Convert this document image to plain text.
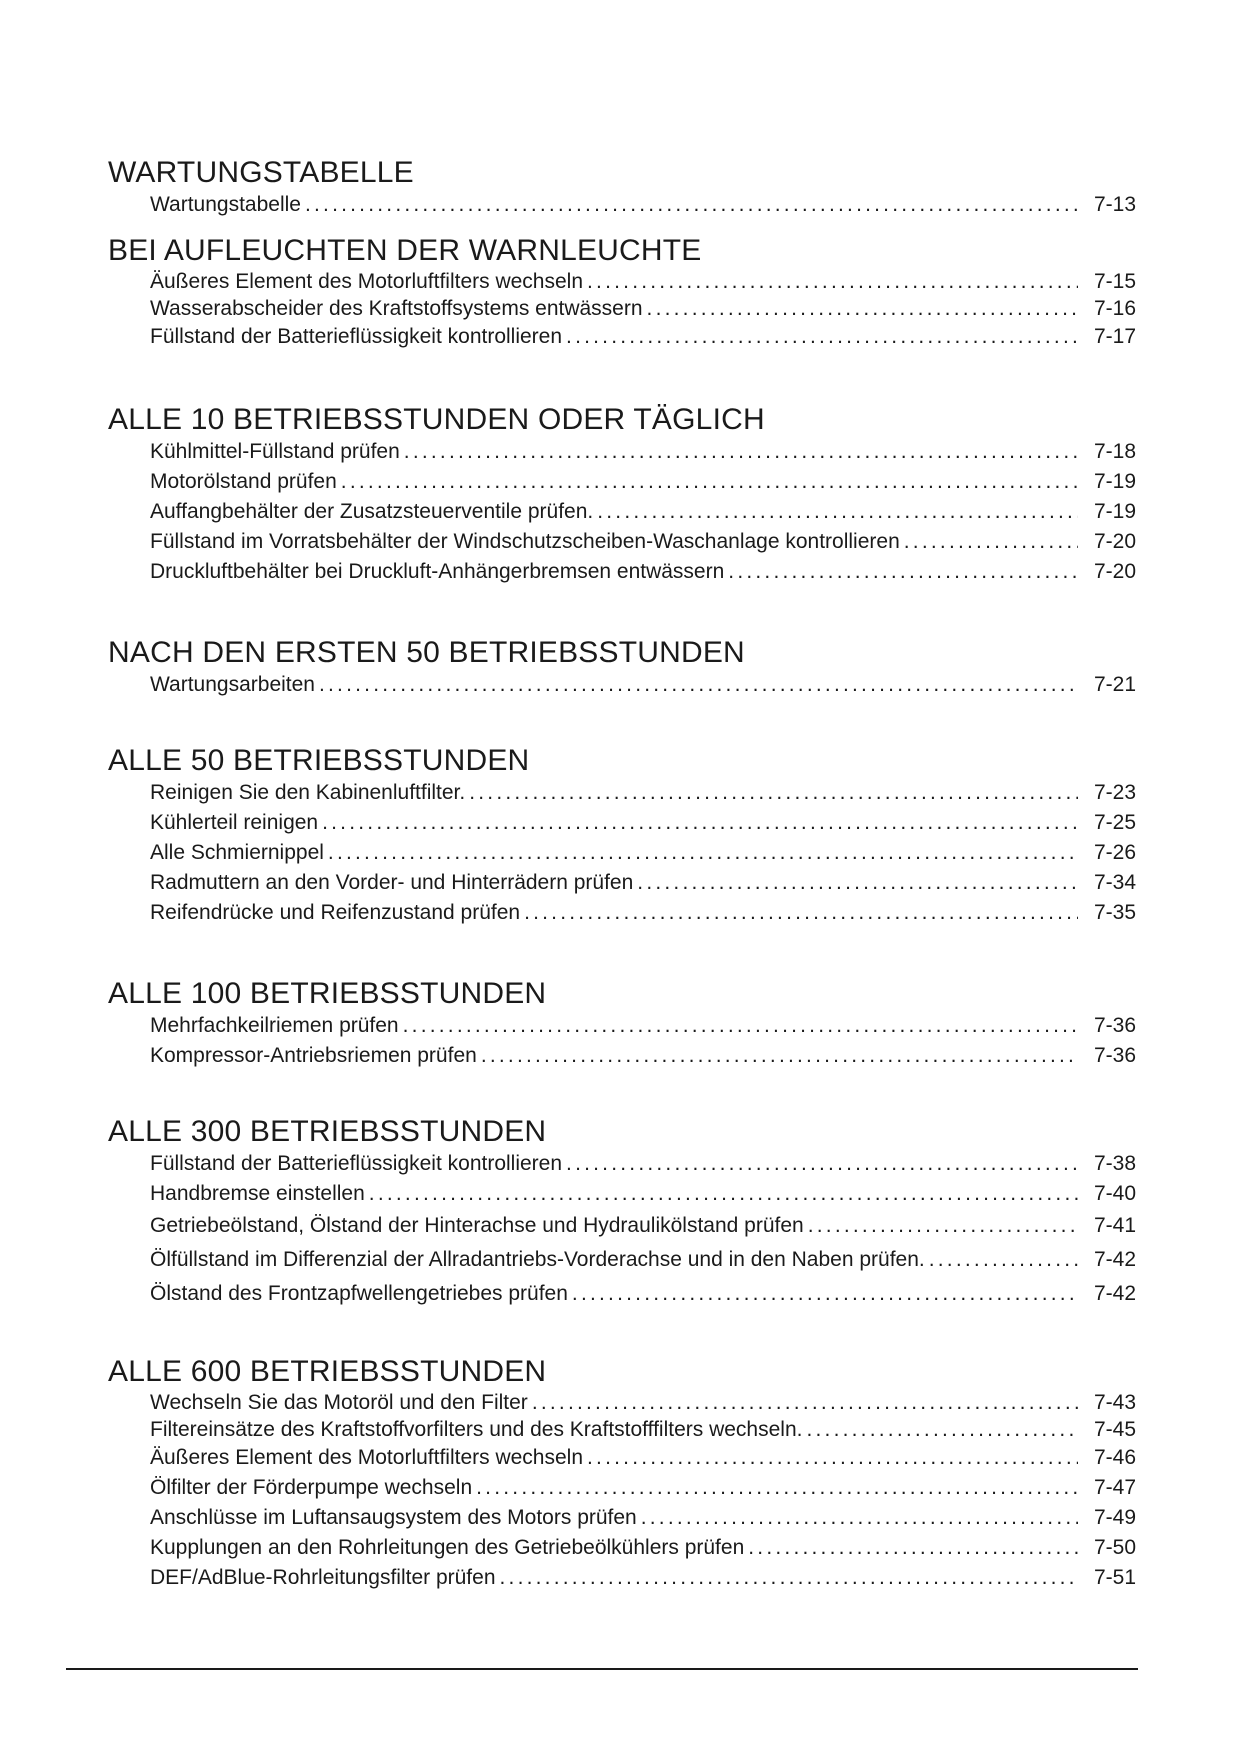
WARTUNGSTABELLE
Wartungstabelle .....	7-13
BEI AUFLEUCHTEN DER WARNLEUCHTE
Äußeres Element des Motorluftfilters wechseln .....	7-15
Wasserabscheider des Kraftstoffsystems entwässern .....	7-16
Füllstand der Batterieflüssigkeit kontrollieren .....	7-17
ALLE 10 BETRIEBSSTUNDEN ODER TÄGLICH
Kühlmittel-Füllstand prüfen .....	7-18
Motorölstand prüfen .....	7-19
Auffangbehälter der Zusatzsteuerventile prüfen. .....	7-19
Füllstand im Vorratsbehälter der Windschutzscheiben-Waschanlage kontrollieren .....	7-20
Druckluftbehälter bei Druckluft-Anhängerbremsen entwässern .....	7-20
NACH DEN ERSTEN 50 BETRIEBSSTUNDEN
Wartungsarbeiten .....	7-21
ALLE 50 BETRIEBSSTUNDEN
Reinigen Sie den Kabinenluftfilter. .....	7-23
Kühlerteil reinigen .....	7-25
Alle Schmiernippel .....	7-26
Radmuttern an den Vorder- und Hinterrädern prüfen .....	7-34
Reifendrücke und Reifenzustand prüfen .....	7-35
ALLE 100 BETRIEBSSTUNDEN
Mehrfachkeilriemen prüfen .....	7-36
Kompressor-Antriebsriemen prüfen .....	7-36
ALLE 300 BETRIEBSSTUNDEN
Füllstand der Batterieflüssigkeit kontrollieren .....	7-38
Handbremse einstellen .....	7-40
Getriebeölstand, Ölstand der Hinterachse und Hydraulikölstand prüfen .....	7-41
Ölfüllstand im Differenzial der Allradantriebs-Vorderachse und in den Naben prüfen. .....	7-42
Ölstand des Frontzapfwellengetriebes prüfen .....	7-42
ALLE 600 BETRIEBSSTUNDEN
Wechseln Sie das Motoröl und den Filter .....	7-43
Filtereinsätze des Kraftstoffvorfilters und des Kraftstofffilters wechseln. .....	7-45
Äußeres Element des Motorluftfilters wechseln .....	7-46
Ölfilter der Förderpumpe wechseln .....	7-47
Anschlüsse im Luftansaugsystem des Motors prüfen .....	7-49
Kupplungen an den Rohrleitungen des Getriebeölkühlers prüfen .....	7-50
DEF/AdBlue-Rohrleitungsfilter prüfen .....	7-51
